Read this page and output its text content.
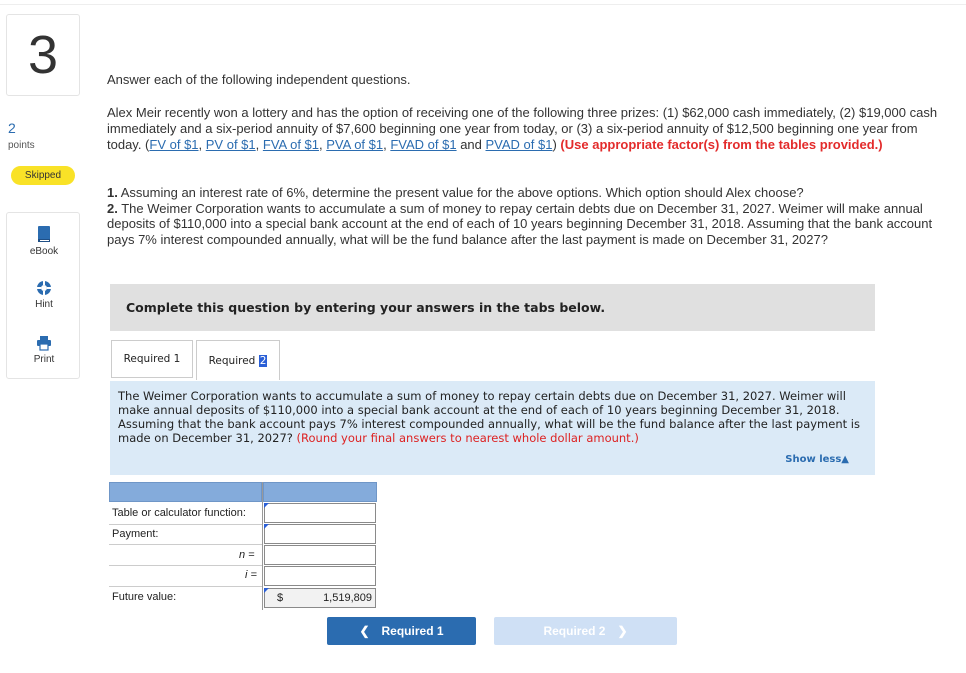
3
2
points
Skipped
eBook
Hint
Print
Answer each of the following independent questions.
Alex Meir recently won a lottery and has the option of receiving one of the following three prizes: (1) $62,000 cash immediately, (2) $19,000 cash immediately and a six-period annuity of $7,600 beginning one year from today, or (3) a six-period annuity of $12,500 beginning one year from today. (FV of $1, PV of $1, FVA of $1, PVA of $1, FVAD of $1 and PVAD of $1) (Use appropriate factor(s) from the tables provided.)
1. Assuming an interest rate of 6%, determine the present value for the above options. Which option should Alex choose?
2. The Weimer Corporation wants to accumulate a sum of money to repay certain debts due on December 31, 2027. Weimer will make annual deposits of $110,000 into a special bank account at the end of each of 10 years beginning December 31, 2018. Assuming that the bank account pays 7% interest compounded annually, what will be the fund balance after the last payment is made on December 31, 2027?
Complete this question by entering your answers in the tabs below.
Required 1	Required
2
The Weimer Corporation wants to accumulate a sum of money to repay certain debts due on December 31, 2027. Weimer will make annual deposits of $110,000 into a special bank account at the end of each of 10 years beginning December 31, 2018. Assuming that the bank account pays 7% interest compounded annually, what will be the fund balance after the last payment is made on December 31, 2027? (Round your final answers to nearest whole dollar amount.)
Show less▲
Table or calculator function:
Payment:
n =
i =
Future value:	$	1,519,809
❮ Required 1	Required 2 ❯
